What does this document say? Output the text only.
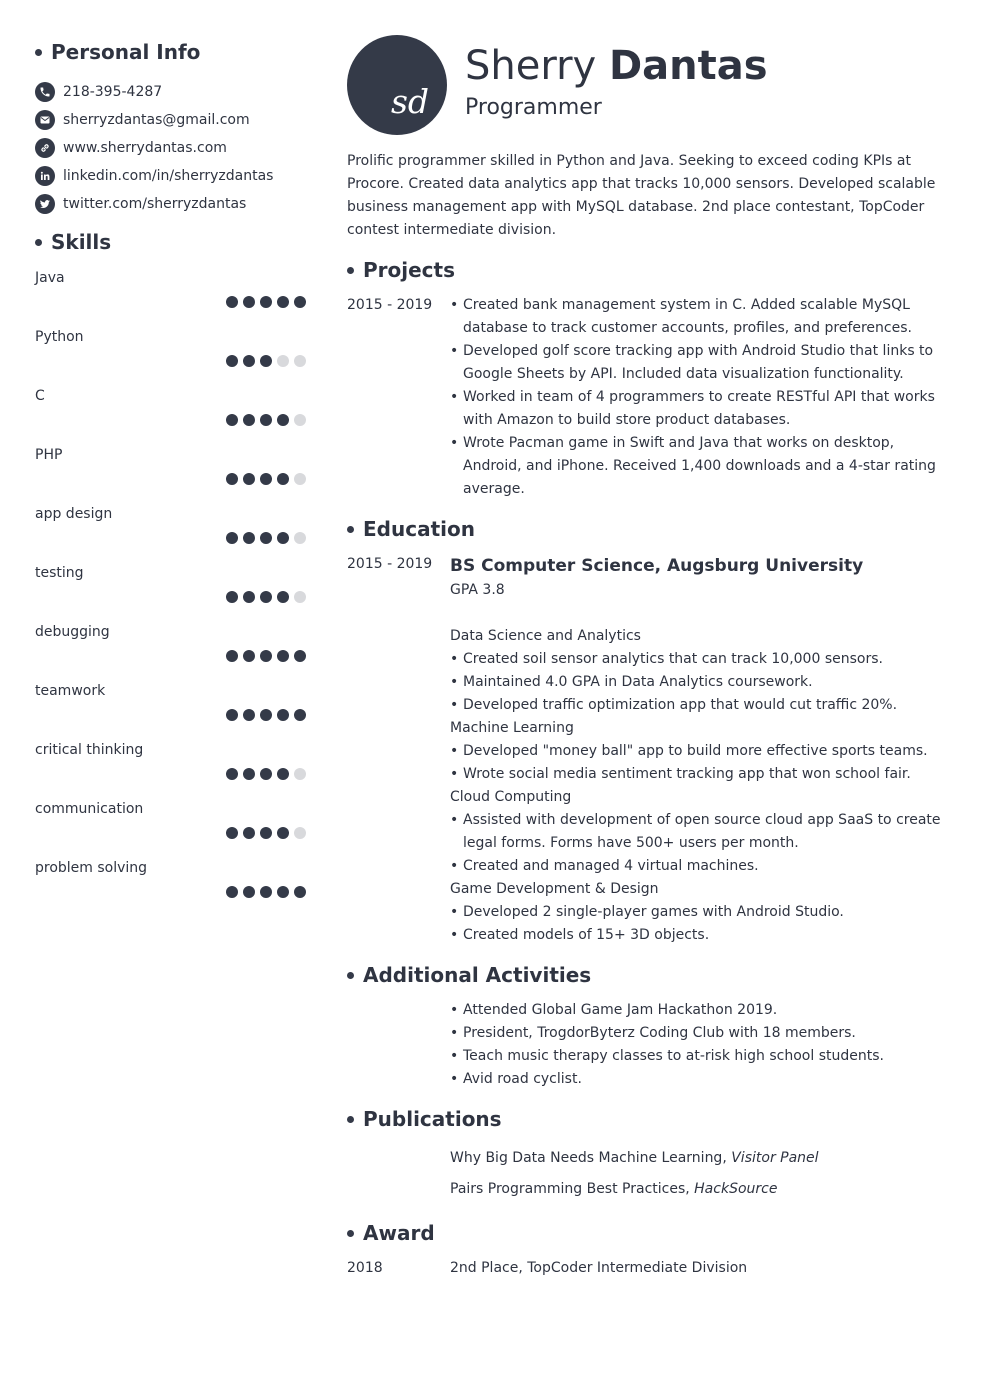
Personal Info
218-395-4287
sherryzdantas@gmail.com
www.sherrydantas.com
linkedin.com/in/sherryzdantas
twitter.com/sherryzdantas
Skills
Java
Python
C
PHP
app design
testing
debugging
teamwork
critical thinking
communication
problem solving
sd
Sherry Dantas
Programmer

Prolific programmer skilled in Python and Java. Seeking to exceed coding KPIs at Procore. Created data analytics app that tracks 10,000 sensors. Developed scalable business management app with MySQL database. 2nd place contestant, TopCoder contest intermediate division.

Projects
2015 - 2019
•	Created bank management system in C. Added scalable MySQL database to track customer accounts, profiles, and preferences.
• Developed golf score tracking app with Android Studio that links to Google Sheets by API. Included data visualization functionality.
• Worked in team of 4 programmers to create RESTful API that works with Amazon to build store product databases.
• Wrote Pacman game in Swift and Java that works on desktop, Android, and iPhone. Received 1,400 downloads and a 4-star rating average.
Education
2015 - 2019	BS Computer Science, Augsburg University
GPA 3.8
Data Science and Analytics
• Created soil sensor analytics that can track 10,000 sensors.
• Maintained 4.0 GPA in Data Analytics coursework.
• Developed traffic optimization app that would cut traffic 20%.
Machine Learning
• Developed "money ball" app to build more effective sports teams.
• Wrote social media sentiment tracking app that won school fair.
Cloud Computing
• Assisted with development of open source cloud app SaaS to create legal forms. Forms have 500+ users per month.
• Created and managed 4 virtual machines.
Game Development & Design
• Developed 2 single-player games with Android Studio.
• Created models of 15+ 3D objects.
Additional Activities
• Attended Global Game Jam Hackathon 2019.
• President, TrogdorByterz Coding Club with 18 members.
• Teach music therapy classes to at-risk high school students.
• Avid road cyclist.
Publications
Why Big Data Needs Machine Learning, Visitor Panel
Pairs Programming Best Practices, HackSource
Award
2018	2nd Place, TopCoder Intermediate Division
